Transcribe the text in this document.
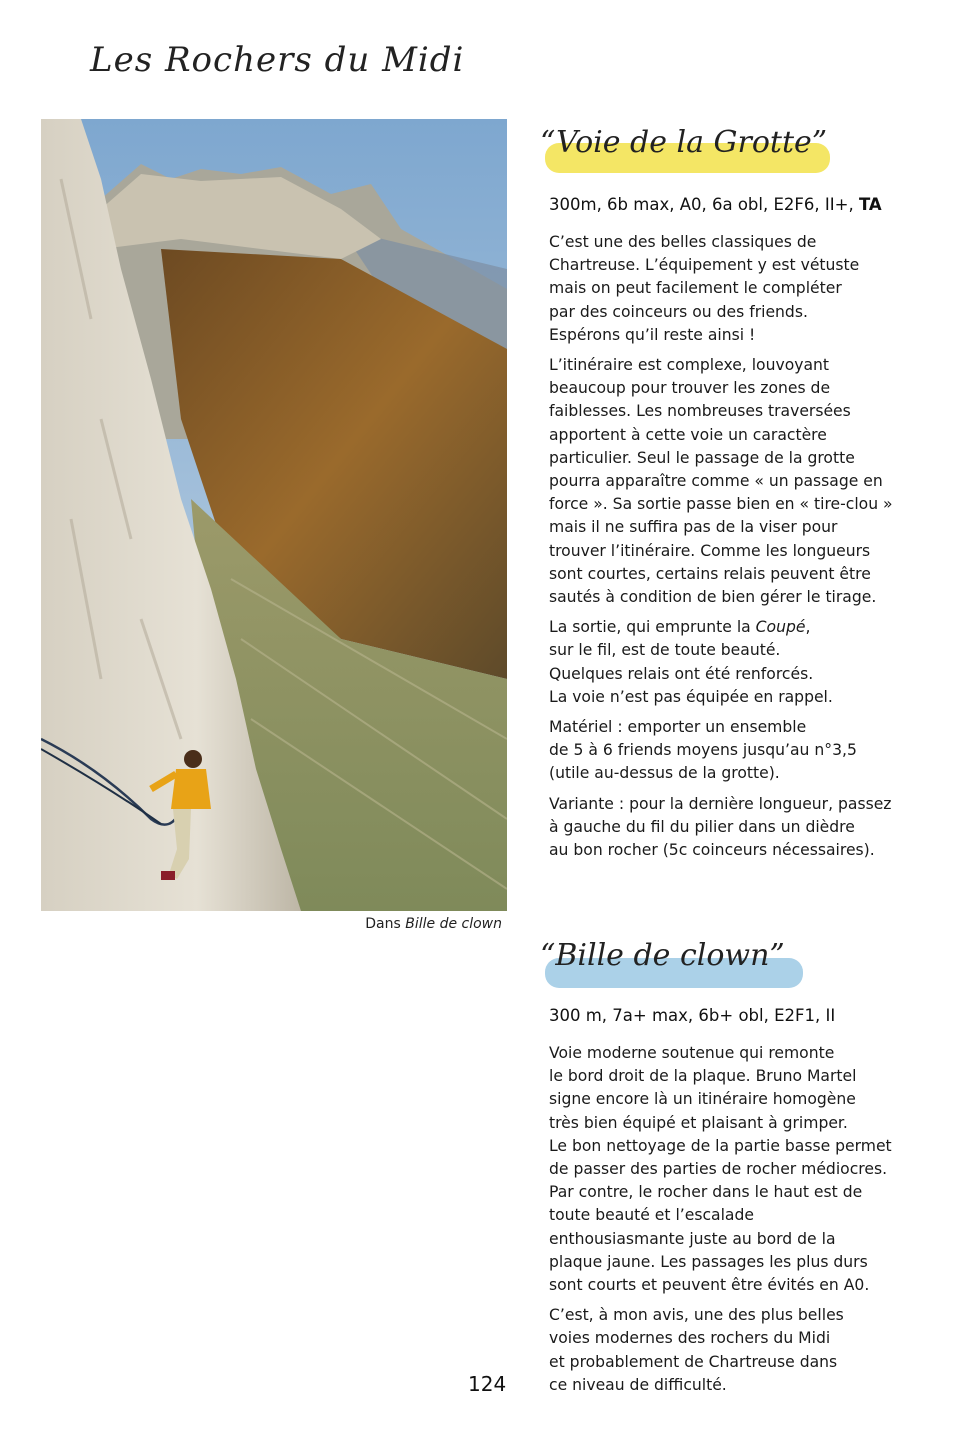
Les Rochers du Midi
Dans Bille de clown
“Voie de la Grotte”
300m, 6b max, A0, 6a obl, E2F6, II+, TA

C’est une des belles classiques de
Chartreuse. L’équipement y est vétuste
mais on peut facilement le compléter
par des coinceurs ou des friends.
Espérons qu’il reste ainsi !

L’itinéraire est complexe, louvoyant
beaucoup pour trouver les zones de
faiblesses. Les nombreuses traversées
apportent à cette voie un caractère
particulier. Seul le passage de la grotte
pourra apparaître comme « un passage en
force ». Sa sortie passe bien en « tire-clou »
mais il ne suffira pas de la viser pour
trouver l’itinéraire. Comme les longueurs
sont courtes, certains relais peuvent être
sautés à condition de bien gérer le tirage.

La sortie, qui emprunte la Coupé,
sur le fil, est de toute beauté.
Quelques relais ont été renforcés.
La voie n’est pas équipée en rappel.

Matériel : emporter un ensemble
de 5 à 6 friends moyens jusqu’au n°3,5
(utile au-dessus de la grotte).

Variante : pour la dernière longueur, passez
à gauche du fil du pilier dans un dièdre
au bon rocher (5c coinceurs nécessaires).

“Bille de clown”
300 m, 7a+ max, 6b+ obl, E2F1, II

Voie moderne soutenue qui remonte
le bord droit de la plaque. Bruno Martel
signe encore là un itinéraire homogène
très bien équipé et plaisant à grimper.
Le bon nettoyage de la partie basse permet
de passer des parties de rocher médiocres.
Par contre, le rocher dans le haut est de
toute beauté et l’escalade
enthousiasmante juste au bord de la
plaque jaune. Les passages les plus durs
sont courts et peuvent être évités en A0.

C’est, à mon avis, une des plus belles
voies modernes des rochers du Midi
et probablement de Chartreuse dans
ce niveau de difficulté.

124
